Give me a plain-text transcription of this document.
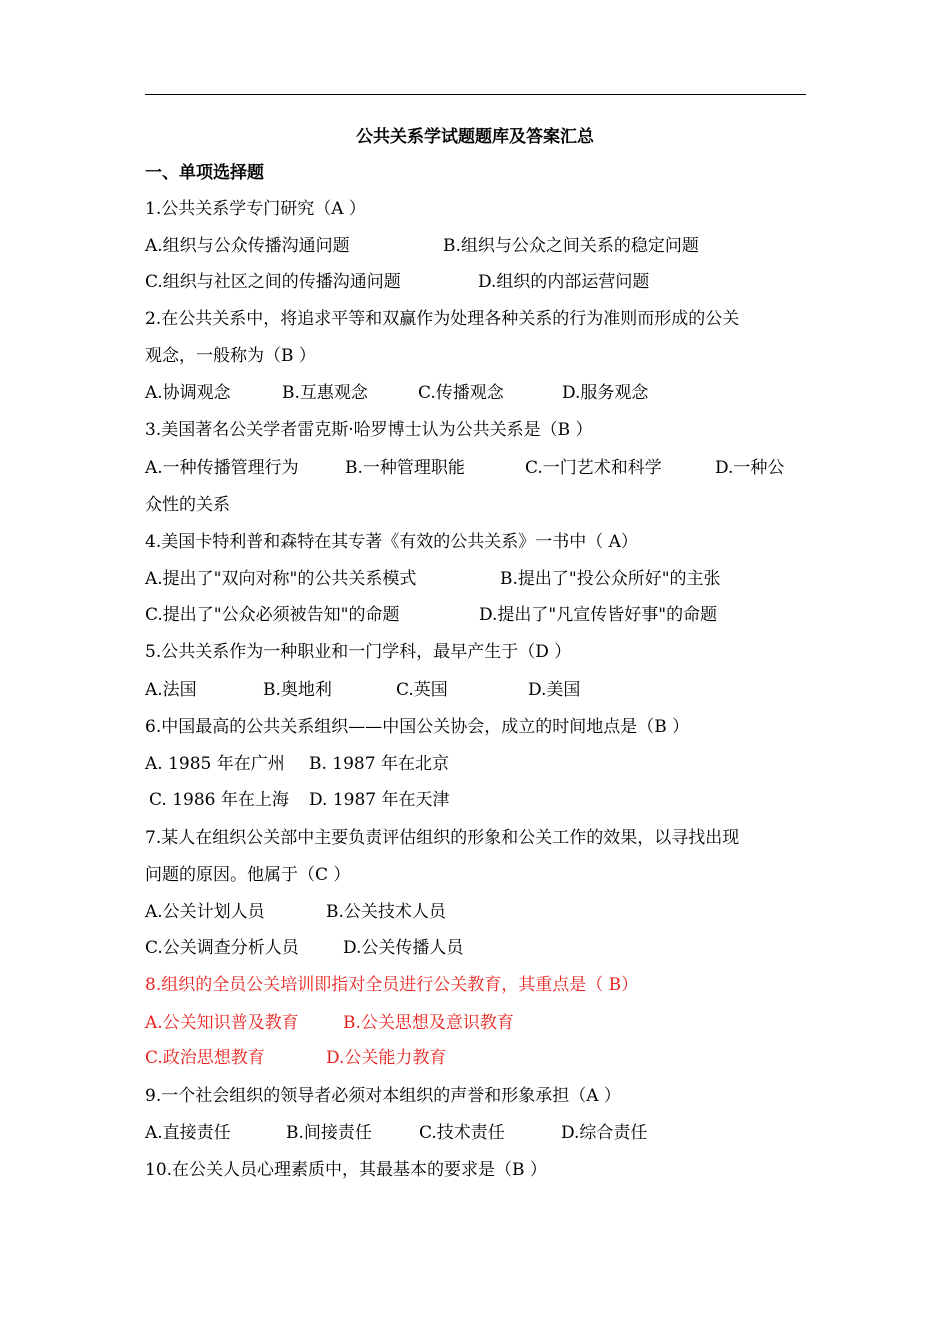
公共关系学试题题库及答案汇总
一、单项选择题
1.公共关系学专门研究（A ）
A.组织与公众传播沟通问题	B.组织与公众之间关系的稳定问题
C.组织与社区之间的传播沟通问题	D.组织的内部运营问题
2.在公共关系中，将追求平等和双赢作为处理各种关系的行为准则而形成的公关
观念，一般称为（B ）
A.协调观念	B.互惠观念	C.传播观念	D.服务观念
3.美国著名公关学者雷克斯·哈罗博士认为公共关系是（B ）
A.一种传播管理行为	B.一种管理职能	C.一门艺术和科学	D.一种公
众性的关系
4.美国卡特利普和森特在其专著《有效的公共关系》一书中（ A）
A.提出了"双向对称"的公共关系模式	B.提出了"投公众所好"的主张
C.提出了"公众必须被告知"的命题	D.提出了"凡宣传皆好事"的命题
5.公共关系作为一种职业和一门学科，最早产生于（D ）
A.法国	B.奥地利	C.英国	D.美国
6.中国最高的公共关系组织——中国公关协会，成立的时间地点是（B ）
A. 1985 年在广州 B. 1987 年在北京
C. 1986 年在上海 D. 1987 年在天津
7.某人在组织公关部中主要负责评估组织的形象和公关工作的效果，以寻找出现
问题的原因。他属于（C ）
A.公关计划人员	B.公关技术人员
C.公关调查分析人员	D.公关传播人员
8.组织的全员公关培训即指对全员进行公关教育，其重点是（ B）
A.公关知识普及教育	B.公关思想及意识教育
C.政治思想教育	D.公关能力教育
9.一个社会组织的领导者必须对本组织的声誉和形象承担（A ）
A.直接责任	B.间接责任	C.技术责任	D.综合责任
10.在公关人员心理素质中，其最基本的要求是（B ）
